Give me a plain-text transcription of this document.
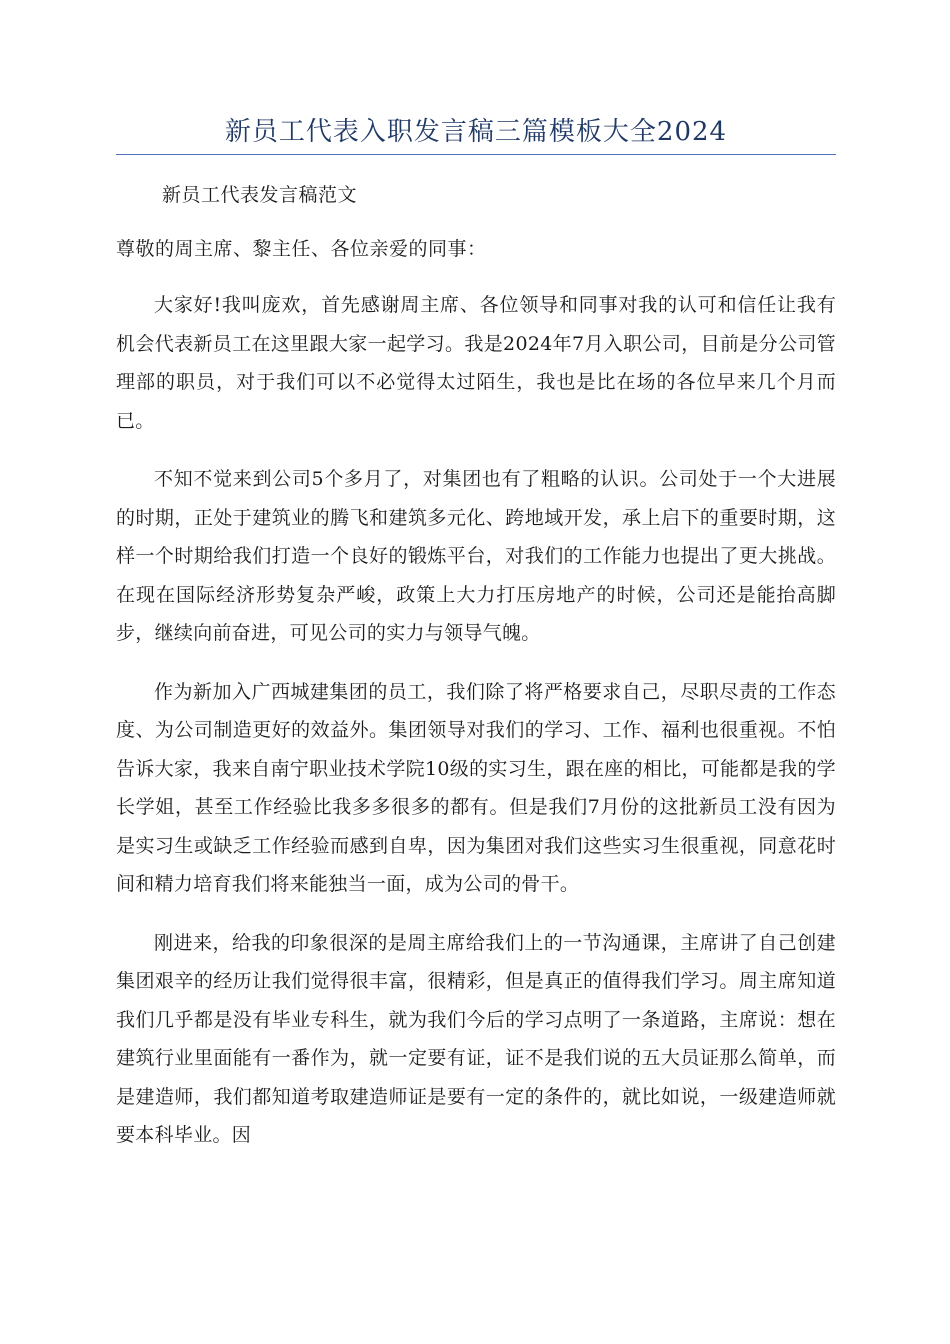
新员工代表入职发言稿三篇模板大全2024
新员工代表发言稿范文
尊敬的周主席、黎主任、各位亲爱的同事：

大家好!我叫庞欢，首先感谢周主席、各位领导和同事对我的认可和信任让我有机会代表新员工在这里跟大家一起学习。我是2024年7月入职公司，目前是分公司管理部的职员，对于我们可以不必觉得太过陌生，我也是比在场的各位早来几个月而已。

不知不觉来到公司5个多月了，对集团也有了粗略的认识。公司处于一个大进展的时期，正处于建筑业的腾飞和建筑多元化、跨地域开发，承上启下的重要时期，这样一个时期给我们打造一个良好的锻炼平台，对我们的工作能力也提出了更大挑战。在现在国际经济形势复杂严峻，政策上大力打压房地产的时候，公司还是能抬高脚步，继续向前奋进，可见公司的实力与领导气魄。

作为新加入广西城建集团的员工，我们除了将严格要求自己，尽职尽责的工作态度、为公司制造更好的效益外。集团领导对我们的学习、工作、福利也很重视。不怕告诉大家，我来自南宁职业技术学院10级的实习生，跟在座的相比，可能都是我的学长学姐，甚至工作经验比我多多很多的都有。但是我们7月份的这批新员工没有因为是实习生或缺乏工作经验而感到自卑，因为集团对我们这些实习生很重视，同意花时间和精力培育我们将来能独当一面，成为公司的骨干。

刚进来，给我的印象很深的是周主席给我们上的一节沟通课，主席讲了自己创建集团艰辛的经历让我们觉得很丰富，很精彩，但是真正的值得我们学习。周主席知道我们几乎都是没有毕业专科生，就为我们今后的学习点明了一条道路，主席说：想在建筑行业里面能有一番作为，就一定要有证，证不是我们说的五大员证那么简单，而是建造师，我们都知道考取建造师证是要有一定的条件的，就比如说，一级建造师就要本科毕业。因
